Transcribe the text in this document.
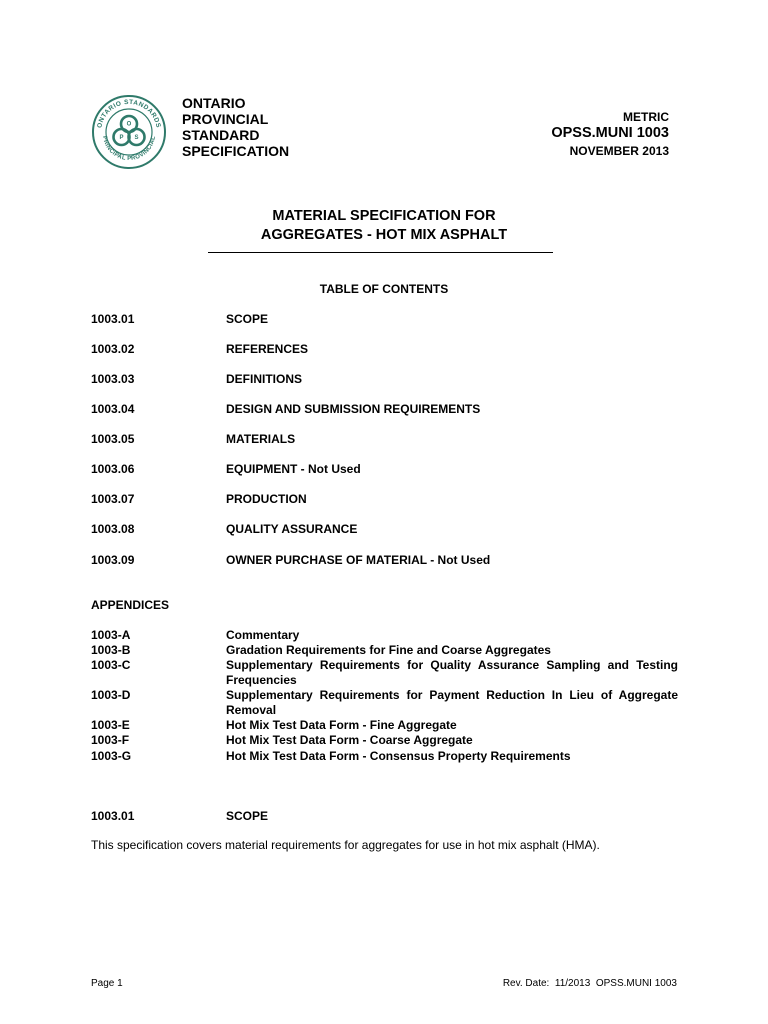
ONTARIO STANDARDS
PRINCIPAL PROVINCIAL
O
P S
ONTARIO
PROVINCIAL
STANDARD
SPECIFICATION
METRIC
OPSS.MUNI 1003
NOVEMBER 2013
MATERIAL SPECIFICATION FOR
AGGREGATES - HOT MIX ASPHALT
TABLE OF CONTENTS
1003.01	SCOPE
1003.02	REFERENCES
1003.03	DEFINITIONS
1003.04	DESIGN AND SUBMISSION REQUIREMENTS
1003.05	MATERIALS
1003.06	EQUIPMENT - Not Used
1003.07	PRODUCTION
1003.08	QUALITY ASSURANCE
1003.09	OWNER PURCHASE OF MATERIAL - Not Used
APPENDICES
1003-A	Commentary
1003-B	Gradation Requirements for Fine and Coarse Aggregates
1003-C	Supplementary Requirements for Quality Assurance Sampling and Testing Frequencies
1003-D	Supplementary Requirements for Payment Reduction In Lieu of Aggregate Removal
1003-E	Hot Mix Test Data Form - Fine Aggregate
1003-F	Hot Mix Test Data Form - Coarse Aggregate
1003-G	Hot Mix Test Data Form - Consensus Property Requirements
1003.01	SCOPE
This specification covers material requirements for aggregates for use in hot mix asphalt (HMA).
Page 1	Rev. Date:  11/2013  OPSS.MUNI 1003
